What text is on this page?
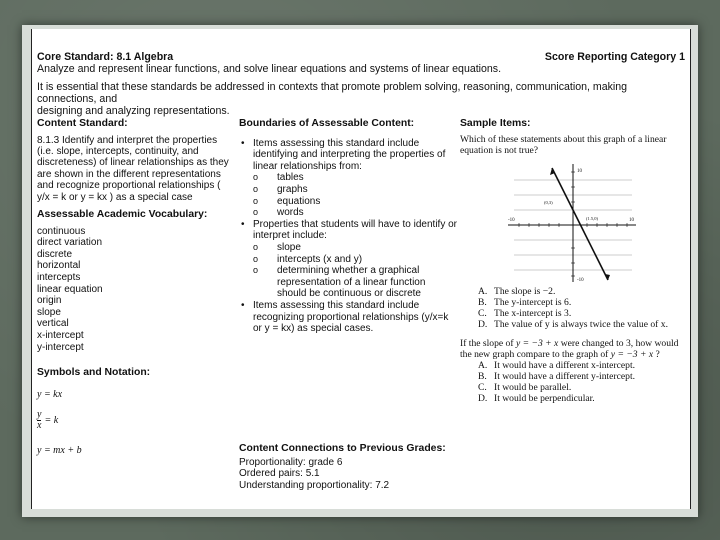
Core Standard: 8.1 Algebra	Score Reporting Category 1

Analyze and represent linear functions, and solve linear equations and systems of linear equations.

It is essential that these standards be addressed in contexts that promote problem solving, reasoning, communication, making connections, and

designing and analyzing representations.

Content Standard:
8.1.3 Identify and interpret the properties (i.e. slope, intercepts, continuity, and discreteness) of linear relationships as they are shown in the different representations and recognize proportional relationships ( y/x = k or y = kx ) as a special case
Assessable Academic Vocabulary:
continuous
direct variation
discrete
horizontal
intercepts
linear equation
origin
slope
vertical
x-intercept
y-intercept
Symbols and Notation:
y = kx
$\frac{y}{x} = k$
y = mx + b
Boundaries of Assessable Content:
• Items assessing this standard include identifying and interpreting the properties of linear relationships from:
o tables
o graphs
o equations
o words
• Properties that students will have to identify or interpret include:
o slope
o intercepts (x and y)
o determining whether a graphical representation of a linear function should be continuous or discrete
• Items assessing this standard include recognizing proportional relationships (y/x=k or y = kx) as special cases.
Content Connections to Previous Grades:
Proportionality: grade 6
Ordered pairs: 5.1
Understanding proportionality: 7.2
Sample Items:
Which of these statements about this graph of a linear equation is not true?
10
(0,3)
(1.5,0)	10
-10
-10
A. The slope is −2.
B. The y-intercept is 6.
C. The x-intercept is 3.
D. The value of y is always twice the value of x.
If the slope of y = −3 + x were changed to 3, how would the new graph compare to the graph of y = −3 + x ?
A. It would have a different x-intercept.
B. It would have a different y-intercept.
C. It would be parallel.
D. It would be perpendicular.
